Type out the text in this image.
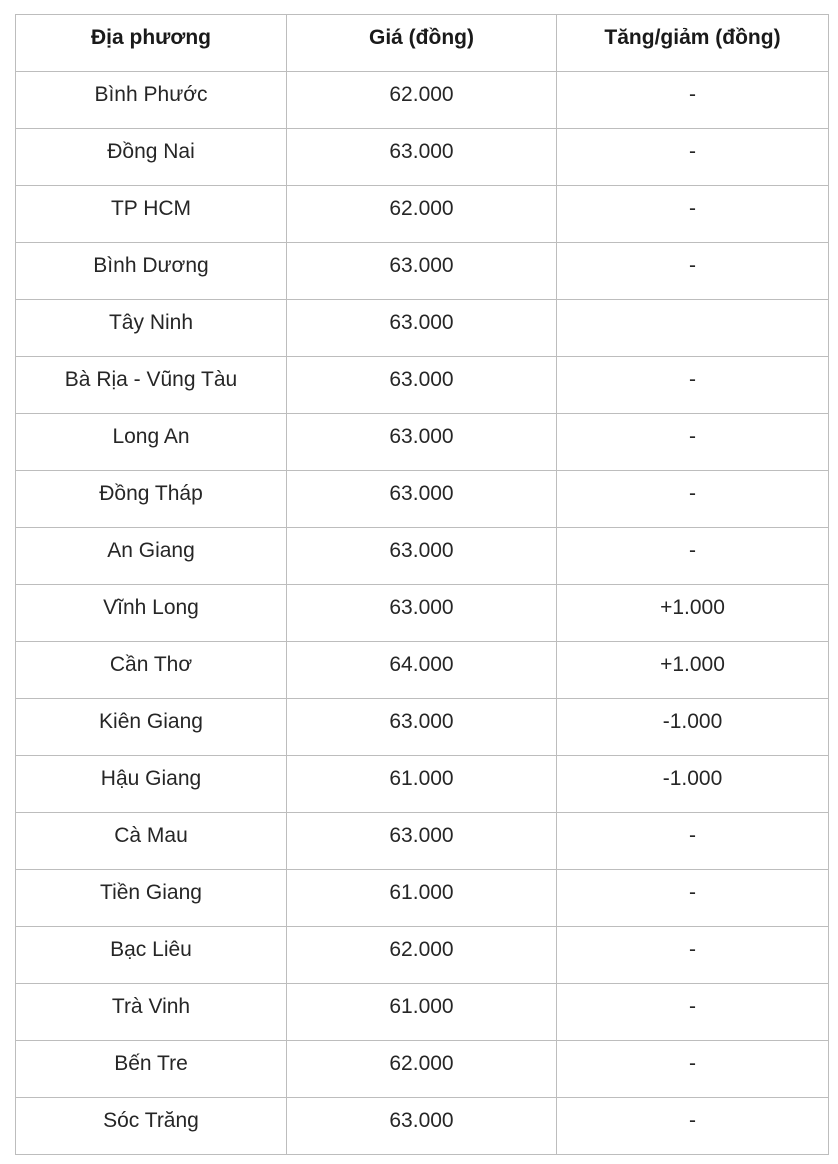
Địa phương	Giá (đồng)	Tăng/giảm (đồng)
Bình Phước	62.000	-
Đồng Nai	63.000	-
TP HCM	62.000	-
Bình Dương	63.000	-
Tây Ninh	63.000	
Bà Rịa - Vũng Tàu	63.000	-
Long An	63.000	-
Đồng Tháp	63.000	-
An Giang	63.000	-
Vĩnh Long	63.000	+1.000
Cần Thơ	64.000	+1.000
Kiên Giang	63.000	-1.000
Hậu Giang	61.000	-1.000
Cà Mau	63.000	-
Tiền Giang	61.000	-
Bạc Liêu	62.000	-
Trà Vinh	61.000	-
Bến Tre	62.000	-
Sóc Trăng	63.000	-
